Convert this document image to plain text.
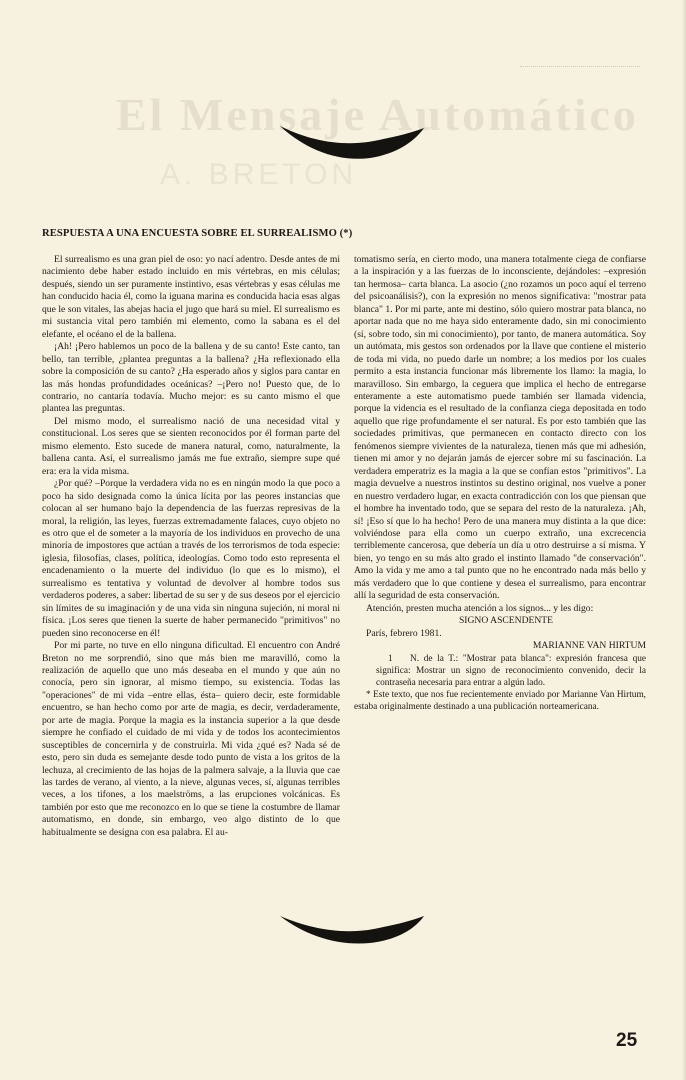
El Mensaje Automático
A. BRETON
RESPUESTA A UNA ENCUESTA SOBRE EL SURREALISMO (*)

El surrealismo es una gran piel de oso: yo nací adentro. Desde antes de mi nacimiento debe haber estado incluido en mis vértebras, en mis células; después, siendo un ser puramente instintivo, esas vértebras y esas células me han conducido hacia él, como la iguana marina es conducida hacia esas algas que le son vitales, las abejas hacia el jugo que hará su miel. El surrealismo es mi sustancia vital pero también mi elemento, como la sabana es el del elefante, el océano el de la ballena.

¡Ah! ¡Pero hablemos un poco de la ballena y de su canto! Este canto, tan bello, tan terrible, ¿plantea preguntas a la ballena? ¿Ha reflexionado ella sobre la composición de su canto? ¿Ha esperado años y siglos para cantar en las más hondas profundidades oceánicas? –¡Pero no! Puesto que, de lo contrario, no cantaría todavía. Mucho mejor: es su canto mismo el que plantea las preguntas.

Del mismo modo, el surrealismo nació de una necesidad vital y constitucional. Los seres que se sienten reconocidos por él forman parte del mismo elemento. Esto sucede de manera natural, como, naturalmente, la ballena canta. Así, el surrealismo jamás me fue extraño, siempre supe qué era: era la vida misma.

¿Por qué? –Porque la verdadera vida no es en ningún modo la que poco a poco ha sido designada como la única lícita por las peores instancias que colocan al ser humano bajo la dependencia de las fuerzas represivas de la moral, la religión, las leyes, fuerzas extremadamente falaces, cuyo objeto no es otro que el de someter a la mayoría de los individuos en provecho de una minoría de impostores que actúan a través de los terrorismos de toda especie: iglesia, filosofías, clases, política, ideologías. Como todo esto representa el encadenamiento o la muerte del individuo (lo que es lo mismo), el surrealismo es tentativa y voluntad de devolver al hombre todos sus verdaderos poderes, a saber: libertad de su ser y de sus deseos por el ejercicio sin límites de su imaginación y de una vida sin ninguna sujeción, ni moral ni física. ¡Los seres que tienen la suerte de haber permanecido "primitivos" no pueden sino reconocerse en él!

Por mi parte, no tuve en ello ninguna dificultad. El encuentro con André Breton no me sorprendió, sino que más bien me maravilló, como la realización de aquello que uno más deseaba en el mundo y que aún no conocía, pero sin ignorar, al mismo tiempo, su existencia. Todas las "operaciones" de mi vida –entre ellas, ésta– quiero decir, este formidable encuentro, se han hecho como por arte de magia, es decir, verdaderamente, por arte de magia. Porque la magia es la instancia superior a la que desde siempre he confiado el cuidado de mi vida y de todos los acontecimientos susceptibles de concernirla y de construirla. Mi vida ¿qué es? Nada sé de esto, pero sin duda es semejante desde todo punto de vista a los gritos de la lechuza, al crecimiento de las hojas de la palmera salvaje, a la lluvia que cae las tardes de verano, al viento, a la nieve, algunas veces, sí, algunas terribles veces, a los tifones, a los maelströms, a las erupciones volcánicas. Es también por esto que me reconozco en lo que se tiene la costumbre de llamar automatismo, en donde, sin embargo, veo algo distinto de lo que habitualmente se designa con esa palabra. El au-

tomatismo sería, en cierto modo, una manera totalmente ciega de confiarse a la inspiración y a las fuerzas de lo inconsciente, dejándoles: –expresión tan hermosa– carta blanca. La asocio (¿no rozamos un poco aquí el terreno del psicoanálisis?), con la expresión no menos significativa: "mostrar pata blanca" 1. Por mi parte, ante mi destino, sólo quiero mostrar pata blanca, no aportar nada que no me haya sido enteramente dado, sin mi conocimiento (sí, sobre todo, sin mi conocimiento), por tanto, de manera automática. Soy un autómata, mis gestos son ordenados por la llave que contiene el misterio de toda mi vida, no puedo darle un nombre; a los medios por los cuales permito a esta instancia funcionar más libremente los llamo: la magia, lo maravilloso. Sin embargo, la ceguera que implica el hecho de entregarse enteramente a este automatismo puede también ser llamada videncia, porque la videncia es el resultado de la confianza ciega depositada en todo aquello que rige profundamente el ser natural. Es por esto también que las sociedades primitivas, que permanecen en contacto directo con los fenómenos siempre vivientes de la naturaleza, tienen más que mi adhesión, tienen mi amor y no dejarán jamás de ejercer sobre mí su fascinación. La verdadera emperatriz es la magia a la que se confían estos "primitivos". La magia devuelve a nuestros instintos su destino original, nos vuelve a poner en nuestro verdadero lugar, en exacta contradicción con los que piensan que el hombre ha inventado todo, que se separa del resto de la naturaleza. ¡Ah, sí! ¡Eso sí que lo ha hecho! Pero de una manera muy distinta a la que dice: volviéndose para ella como un cuerpo extraño, una excrecencia terriblemente cancerosa, que debería un día u otro destruirse a sí misma. Y bien, yo tengo en su más alto grado el instinto llamado "de conservación". Amo la vida y me amo a tal punto que no he encontrado nada más bello y más verdadero que lo que contiene y desea el surrealismo, para encontrar allí la seguridad de esta conservación.

Atención, presten mucha atención a los signos... y les digo:

SIGNO ASCENDENTE

París, febrero 1981.

MARIANNE VAN HIRTUM

1 N. de la T.: "Mostrar pata blanca": expresión francesa que significa: Mostrar un signo de reconocimiento convenido, decir la contraseña necesaria para entrar a algún lado.

* Este texto, que nos fue recientemente enviado por Marianne Van Hirtum, estaba originalmente destinado a una publicación norteamericana.

25
